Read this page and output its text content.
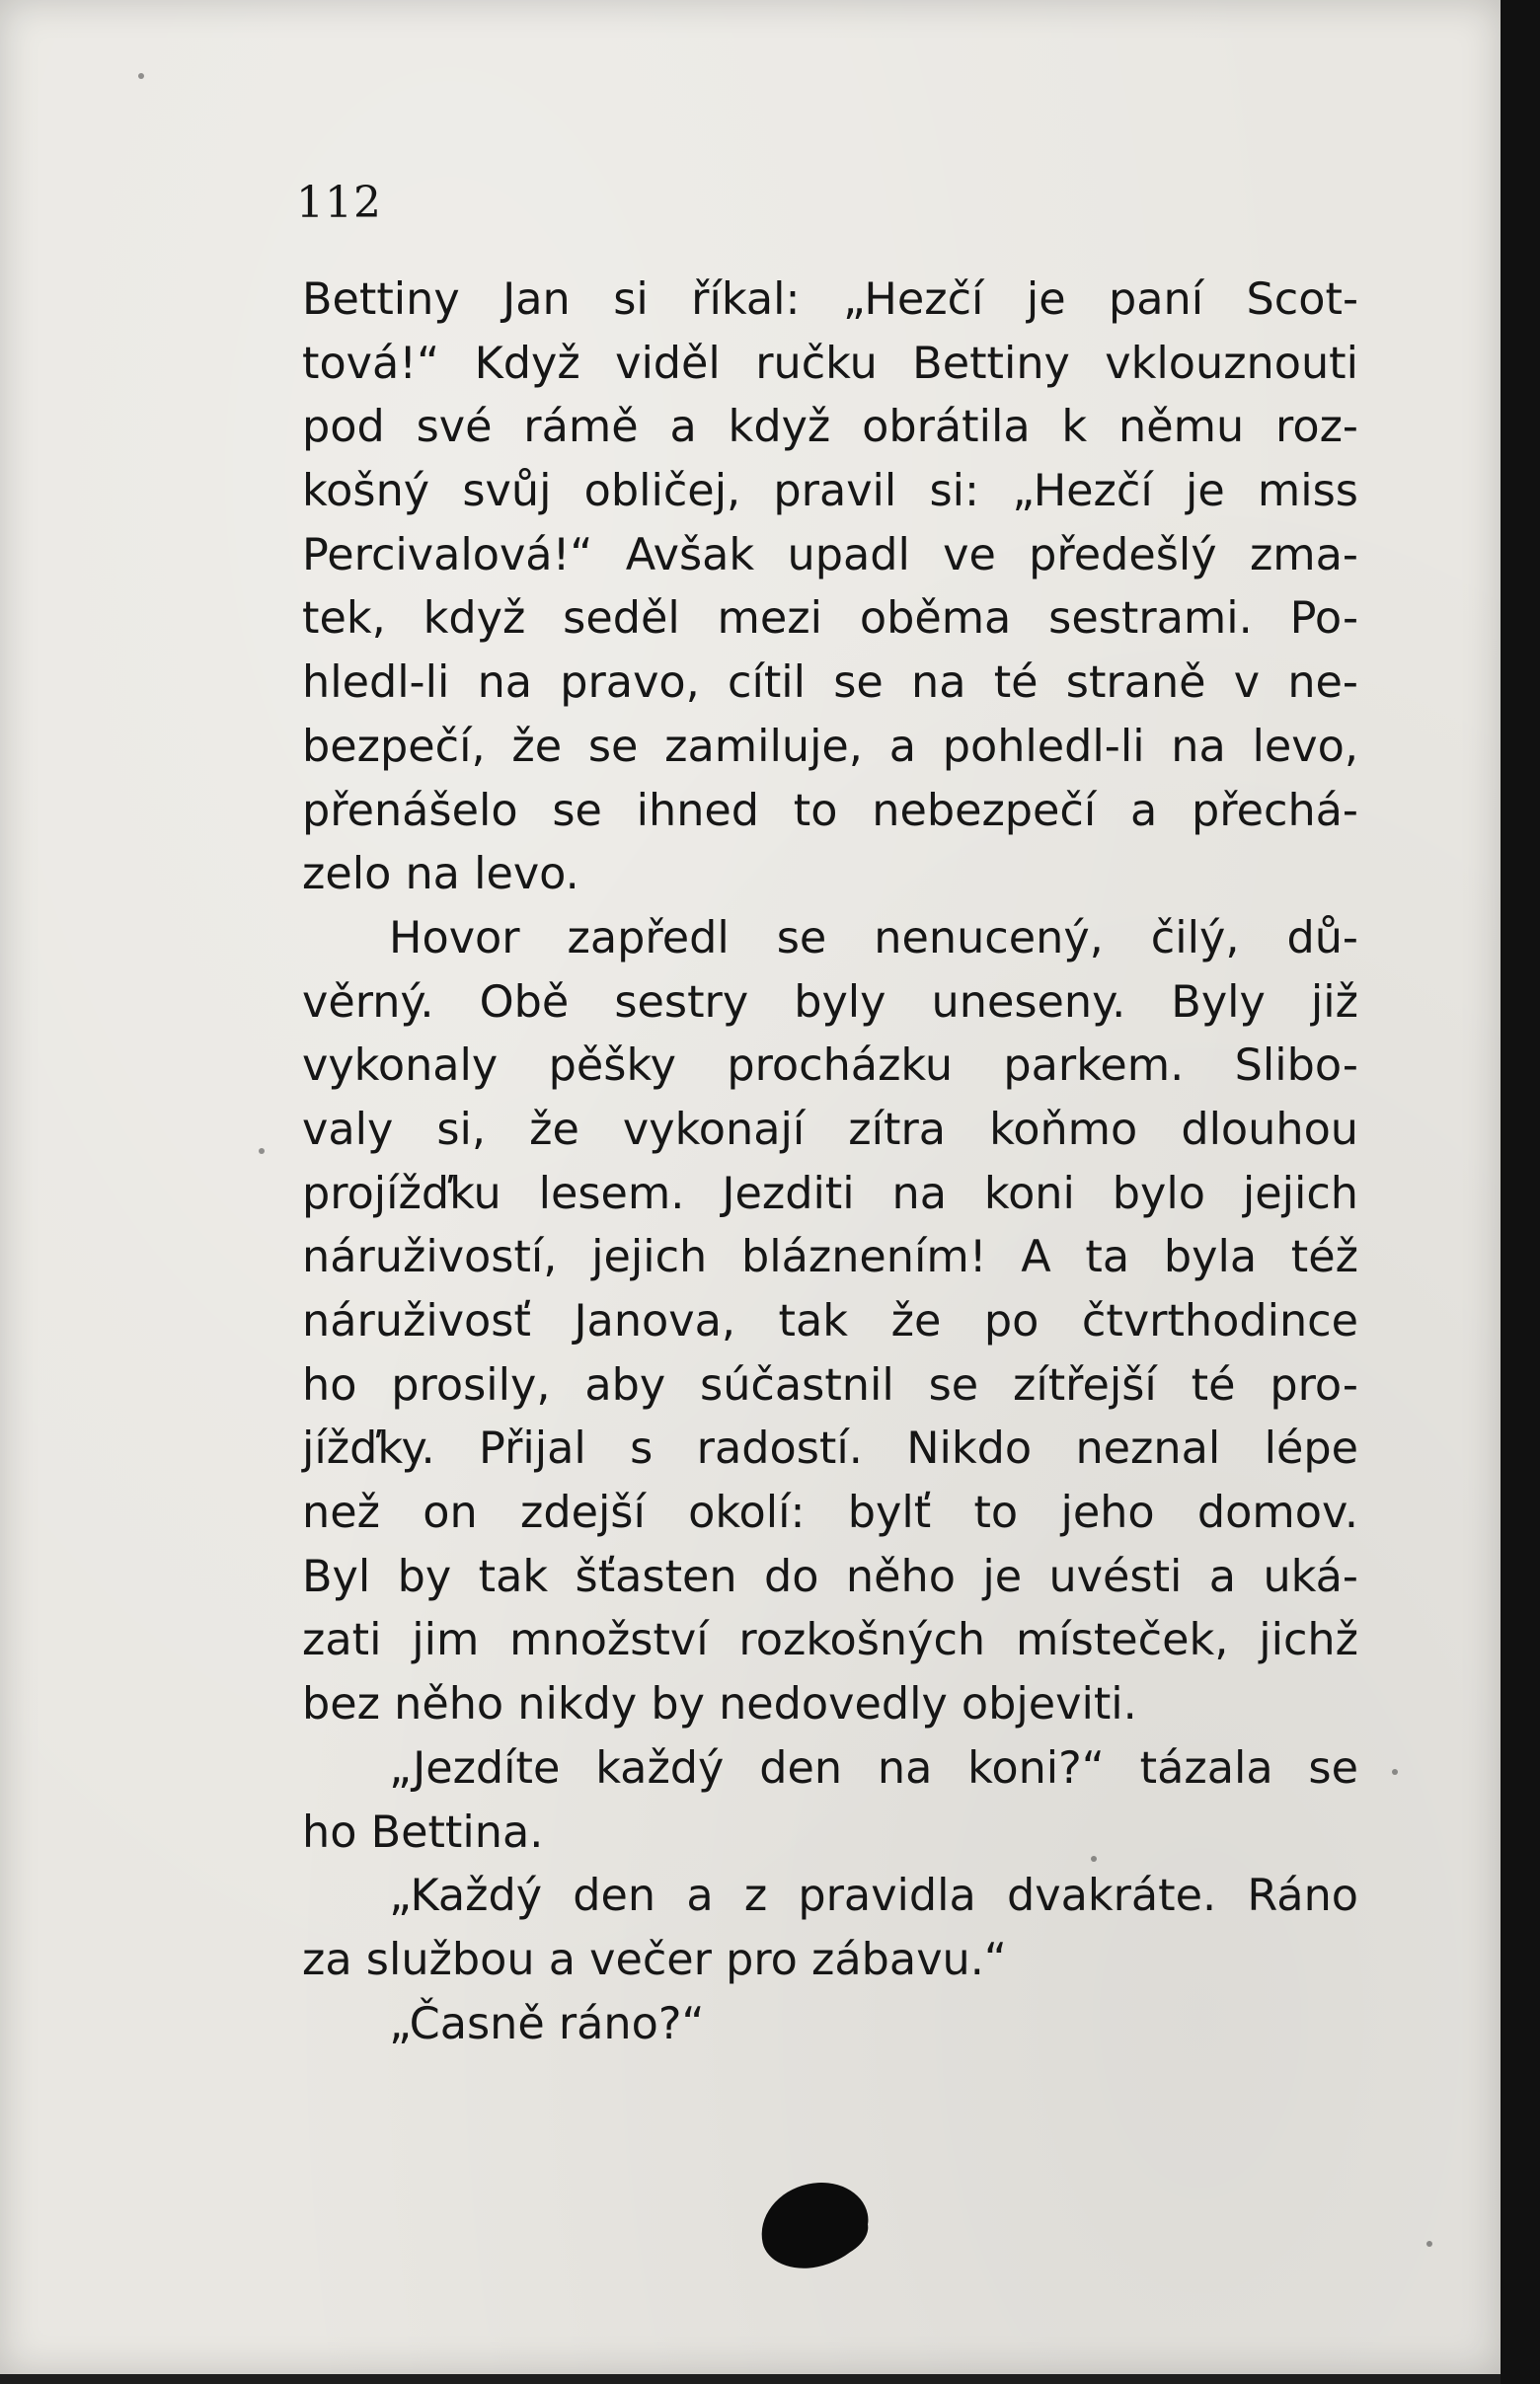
112
Bettiny Jan si říkal: „Hezčí je paní Scot-
tová!“ Když viděl ručku Bettiny vklouznouti
pod své rámě a když obrátila k němu roz-
košný svůj obličej, pravil si: „Hezčí je miss
Percivalová!“ Avšak upadl ve předešlý zma-
tek, když seděl mezi oběma sestrami. Po-
hledl-li na pravo, cítil se na té straně v ne-
bezpečí, že se zamiluje, a pohledl-li na levo,
přenášelo se ihned to nebezpečí a přechá-
zelo na levo.
Hovor zapředl se nenucený, čilý, dů-
věrný. Obě sestry byly uneseny. Byly již
vykonaly pěšky procházku parkem. Slibo-
valy si, že vykonají zítra koňmo dlouhou
projížďku lesem. Jezditi na koni bylo jejich
náruživostí, jejich bláznením! A ta byla též
náruživosť Janova, tak že po čtvrthodince
ho prosily, aby súčastnil se zítřejší té pro-
jížďky. Přijal s radostí. Nikdo neznal lépe
než on zdejší okolí: bylť to jeho domov.
Byl by tak šťasten do něho je uvésti a uká-
zati jim množství rozkošných místeček, jichž
bez něho nikdy by nedovedly objeviti.
„Jezdíte každý den na koni?“ tázala se
ho Bettina.
„Každý den a z pravidla dvakráte. Ráno
za službou a večer pro zábavu.“
„Časně ráno?“
